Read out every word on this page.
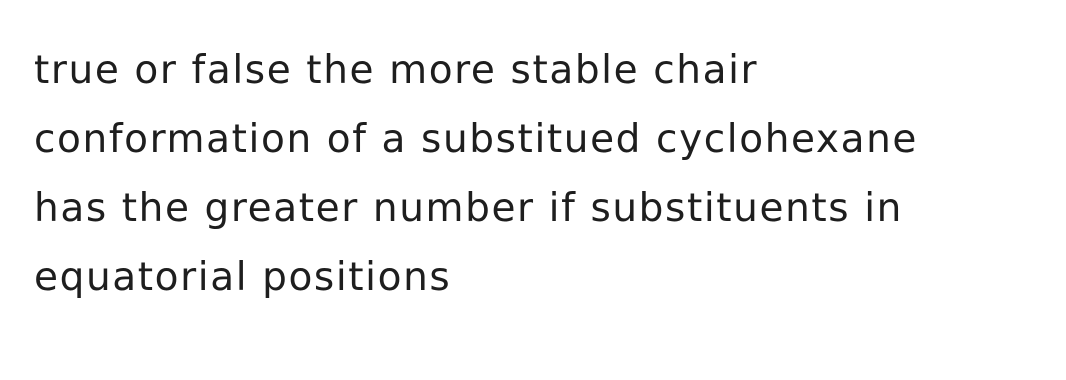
true or false the more stable chair
conformation of a substitued cyclohexane
has the greater number if substituents in
equatorial positions
